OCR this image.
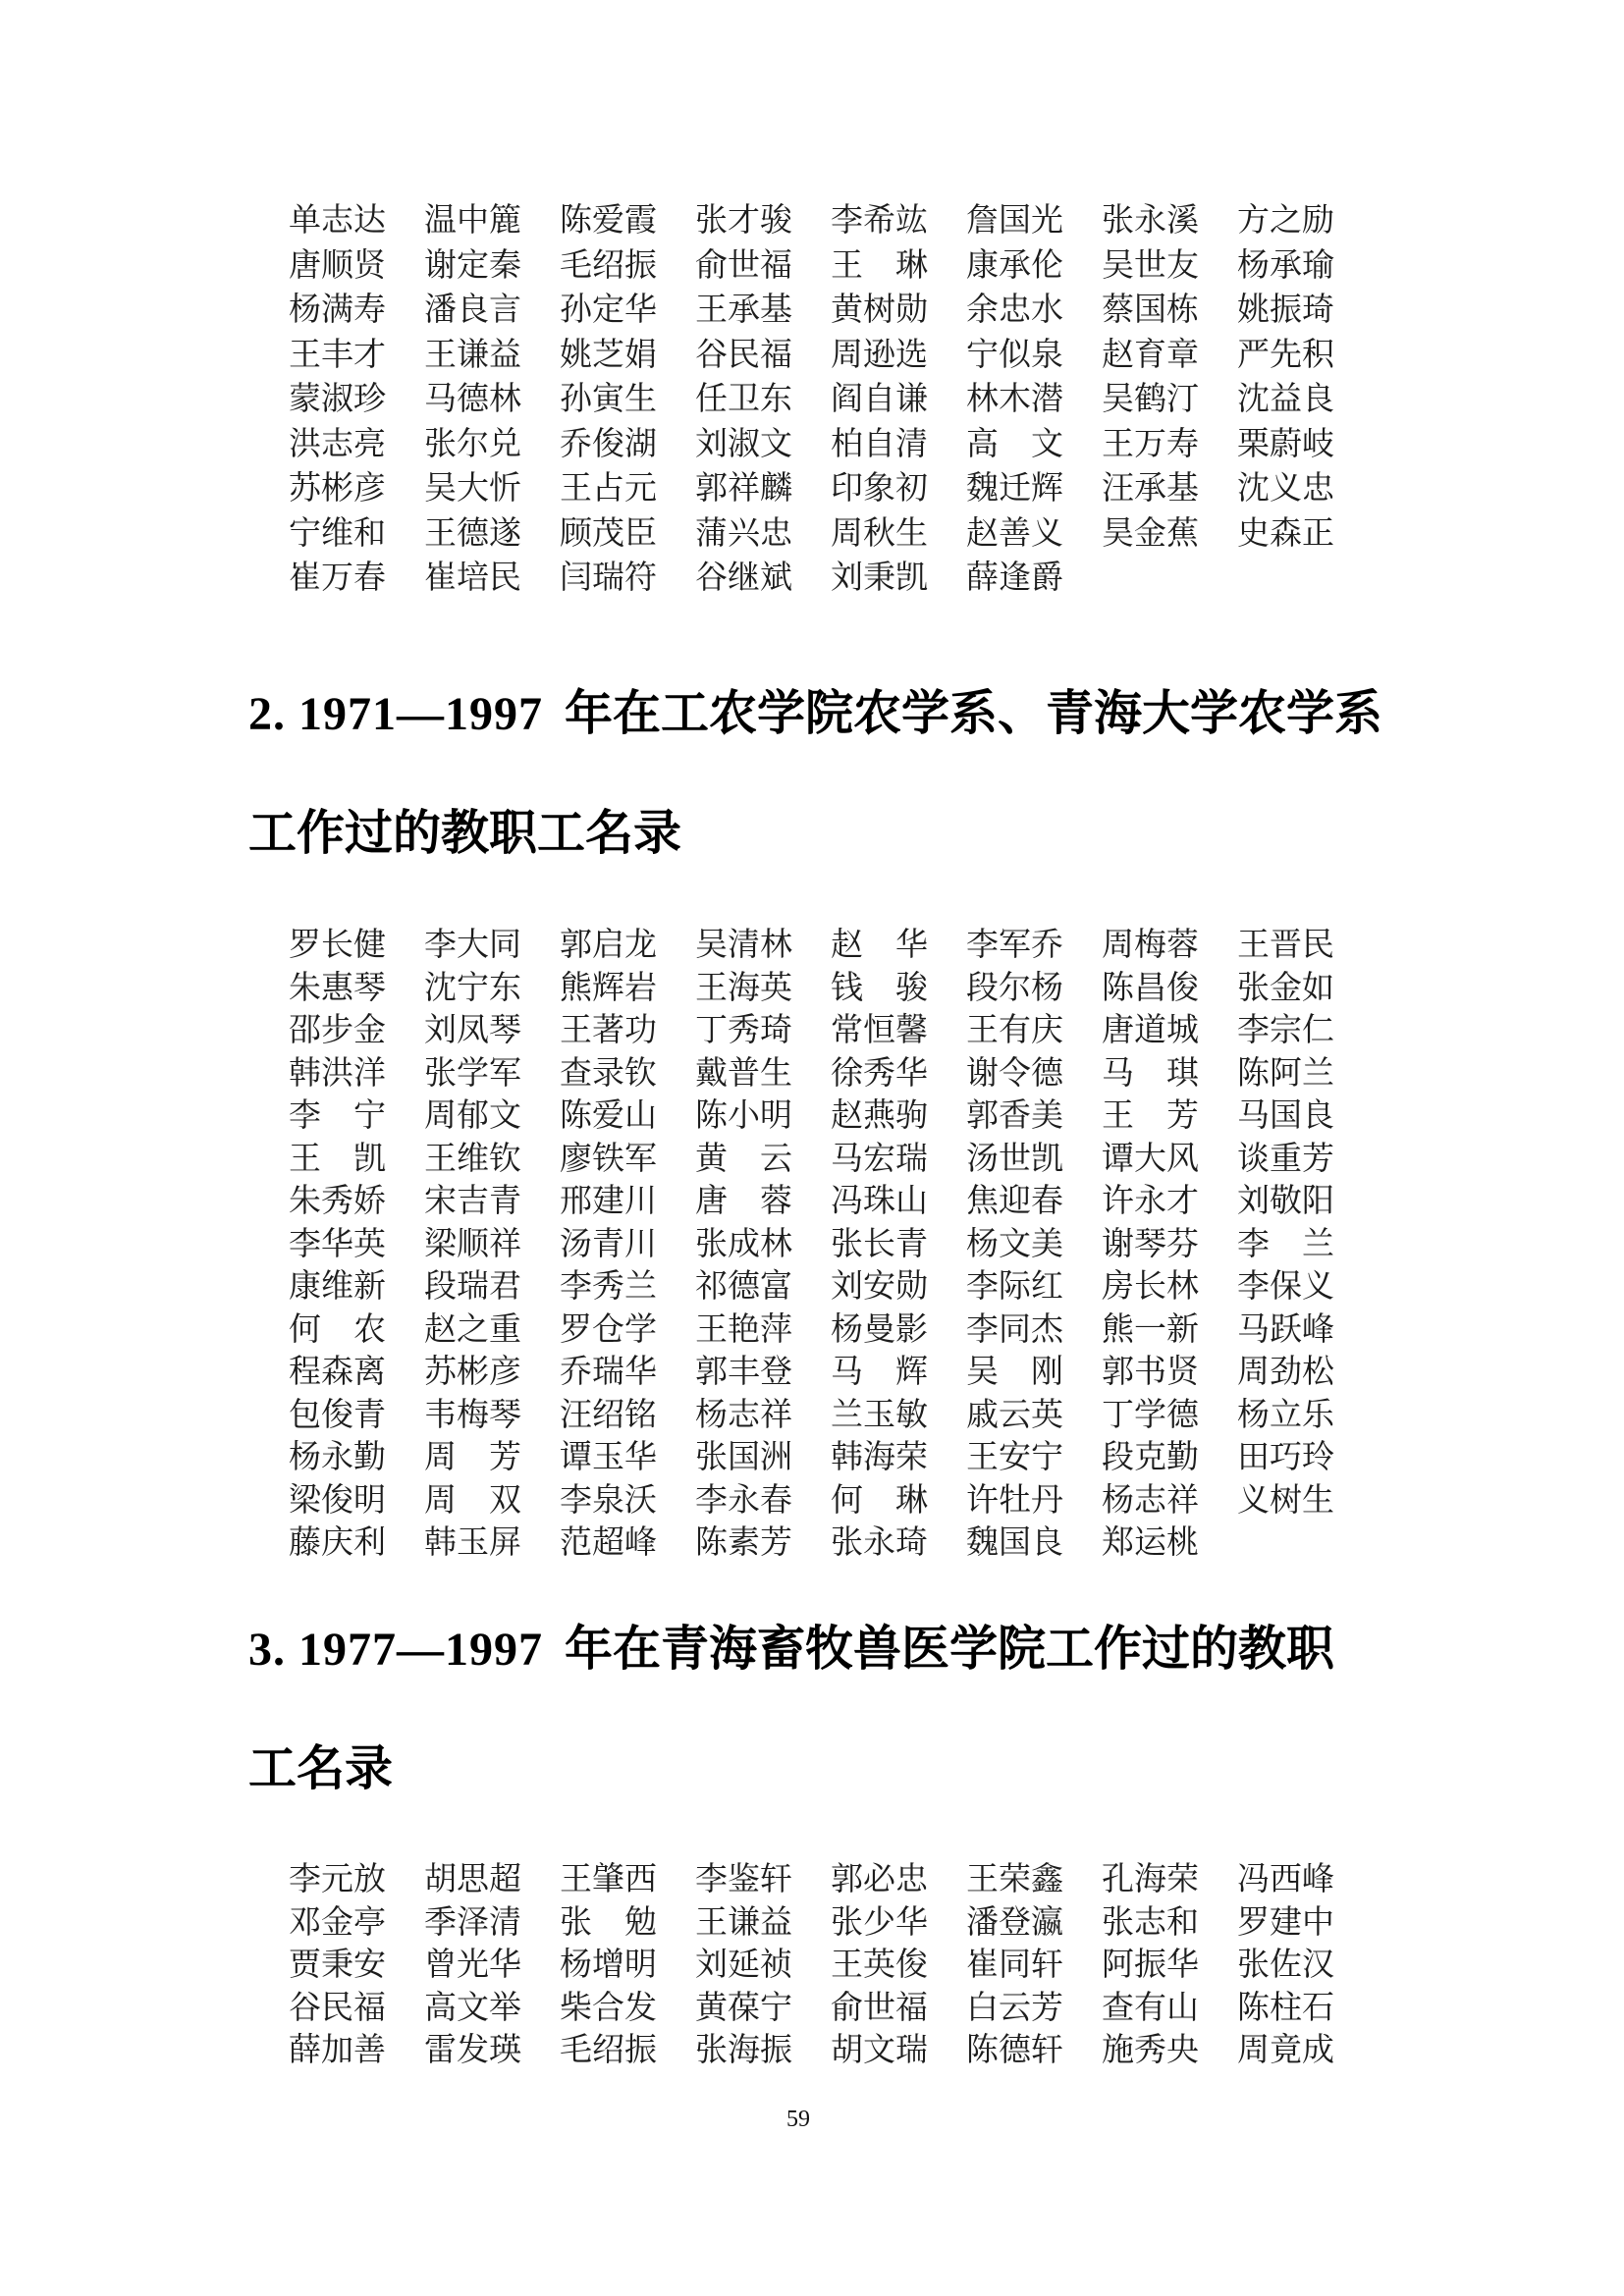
单志达	温中簏	陈爱霞	张才骏	李希竑	詹国光	张永溪	方之励
唐顺贤	谢定秦	毛绍振	俞世福	王　琳	康承伦	吴世友	杨承瑜
杨满寿	潘良言	孙定华	王承基	黄树勋	余忠水	蔡国栋	姚振琦
王丰才	王谦益	姚芝娟	谷民福	周逊选	宁似泉	赵育章	严先积
蒙淑珍	马德林	孙寅生	任卫东	阎自谦	林木潜	吴鹤汀	沈益良
洪志亮	张尔兑	乔俊湖	刘淑文	柏自清	高　文	王万寿	栗蔚岐
苏彬彦	吴大忻	王占元	郭祥麟	印象初	魏迁辉	汪承基	沈义忠
宁维和	王德遂	顾茂臣	蒲兴忠	周秋生	赵善义	昊金蕉	史森正
崔万春	崔培民	闫瑞符	谷继斌	刘秉凯	薛逢爵
2. 1971—1997 年在工农学院农学系、青海大学农学系
工作过的教职工名录
罗长健	李大同	郭启龙	吴清林	赵　华	李军乔	周梅蓉	王晋民
朱惠琴	沈宁东	熊辉岩	王海英	钱　骏	段尔杨	陈昌俊	张金如
邵步金	刘凤琴	王著功	丁秀琦	常恒馨	王有庆	唐道城	李宗仁
韩洪洋	张学军	查录钦	戴普生	徐秀华	谢令德	马　琪	陈阿兰
李　宁	周郁文	陈爱山	陈小明	赵燕驹	郭香美	王　芳	马国良
王　凯	王维钦	廖铁军	黄　云	马宏瑞	汤世凯	谭大风	谈重芳
朱秀娇	宋吉青	邢建川	唐　蓉	冯珠山	焦迎春	许永才	刘敬阳
李华英	梁顺祥	汤青川	张成林	张长青	杨文美	谢琴芬	李　兰
康维新	段瑞君	李秀兰	祁德富	刘安勋	李际红	房长林	李保义
何　农	赵之重	罗仓学	王艳萍	杨曼影	李同杰	熊一新	马跃峰
程森离	苏彬彦	乔瑞华	郭丰登	马　辉	吴　刚	郭书贤	周劲松
包俊青	韦梅琴	汪绍铭	杨志祥	兰玉敏	戚云英	丁学德	杨立乐
杨永勤	周　芳	谭玉华	张国洲	韩海荣	王安宁	段克勤	田巧玲
梁俊明	周　双	李泉沃	李永春	何　琳	许牡丹	杨志祥	义树生
藤庆利	韩玉屏	范超峰	陈素芳	张永琦	魏国良	郑运桃
3. 1977—1997 年在青海畜牧兽医学院工作过的教职
工名录
李元放	胡思超	王肇西	李鉴轩	郭必忠	王荣鑫	孔海荣	冯西峰
邓金亭	季泽清	张　勉	王谦益	张少华	潘登瀛	张志和	罗建中
贾秉安	曾光华	杨增明	刘延祯	王英俊	崔同轩	阿振华	张佐汉
谷民福	高文举	柴合发	黄葆宁	俞世福	白云芳	查有山	陈柱石
薛加善	雷发瑛	毛绍振	张海振	胡文瑞	陈德轩	施秀央	周竟成
59
